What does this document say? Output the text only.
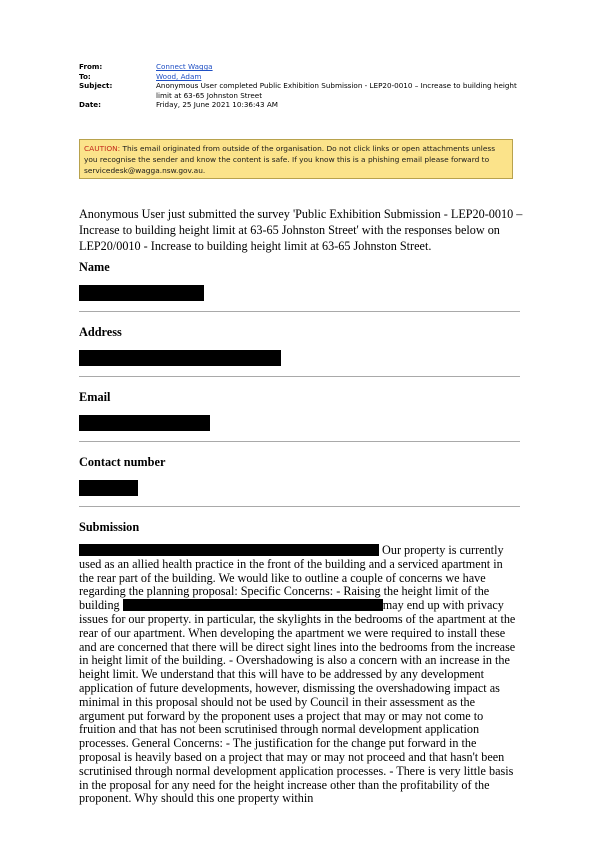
From:	Connect Wagga
To:	Wood, Adam
Subject:	Anonymous User completed Public Exhibition Submission - LEP20-0010 – Increase to building height limit at 63-65 Johnston Street
Date:	Friday, 25 June 2021 10:36:43 AM
CAUTION: This email originated from outside of the organisation. Do not click links or open attachments unless you recognise the sender and know the content is safe. If you know this is a phishing email please forward to servicedesk@wagga.nsw.gov.au.
Anonymous User just submitted the survey 'Public Exhibition Submission - LEP20-0010 – Increase to building height limit at 63-65 Johnston Street' with the responses below on LEP20/0010 - Increase to building height limit at 63-65 Johnston Street.
Name
Address
Email
Contact number
Submission
Our property is currently used as an allied health practice in the front of the building and a serviced apartment in the rear part of the building. We would like to outline a couple of concerns we have regarding the planning proposal: Specific Concerns: - Raising the height limit of the building	may end up with privacy issues for our property. in particular, the skylights in the bedrooms of the apartment at the rear of our apartment. When developing the apartment we were required to install these and are concerned that there will be direct sight lines into the bedrooms from the increase in height limit of the building. - Overshadowing is also a concern with an increase in the height limit. We understand that this will have to be addressed by any development application of future developments, however, dismissing the overshadowing impact as minimal in this proposal should not be used by Council in their assessment as the argument put forward by the proponent uses a project that may or may not come to fruition and that has not been scrutinised through normal development application processes. General Concerns: - The justification for the change put forward in the proposal is heavily based on a project that may or may not proceed and that hasn't been scrutinised through normal development application processes. - There is very little basis in the proposal for any need for the height increase other than the profitability of the proponent. Why should this one property within
